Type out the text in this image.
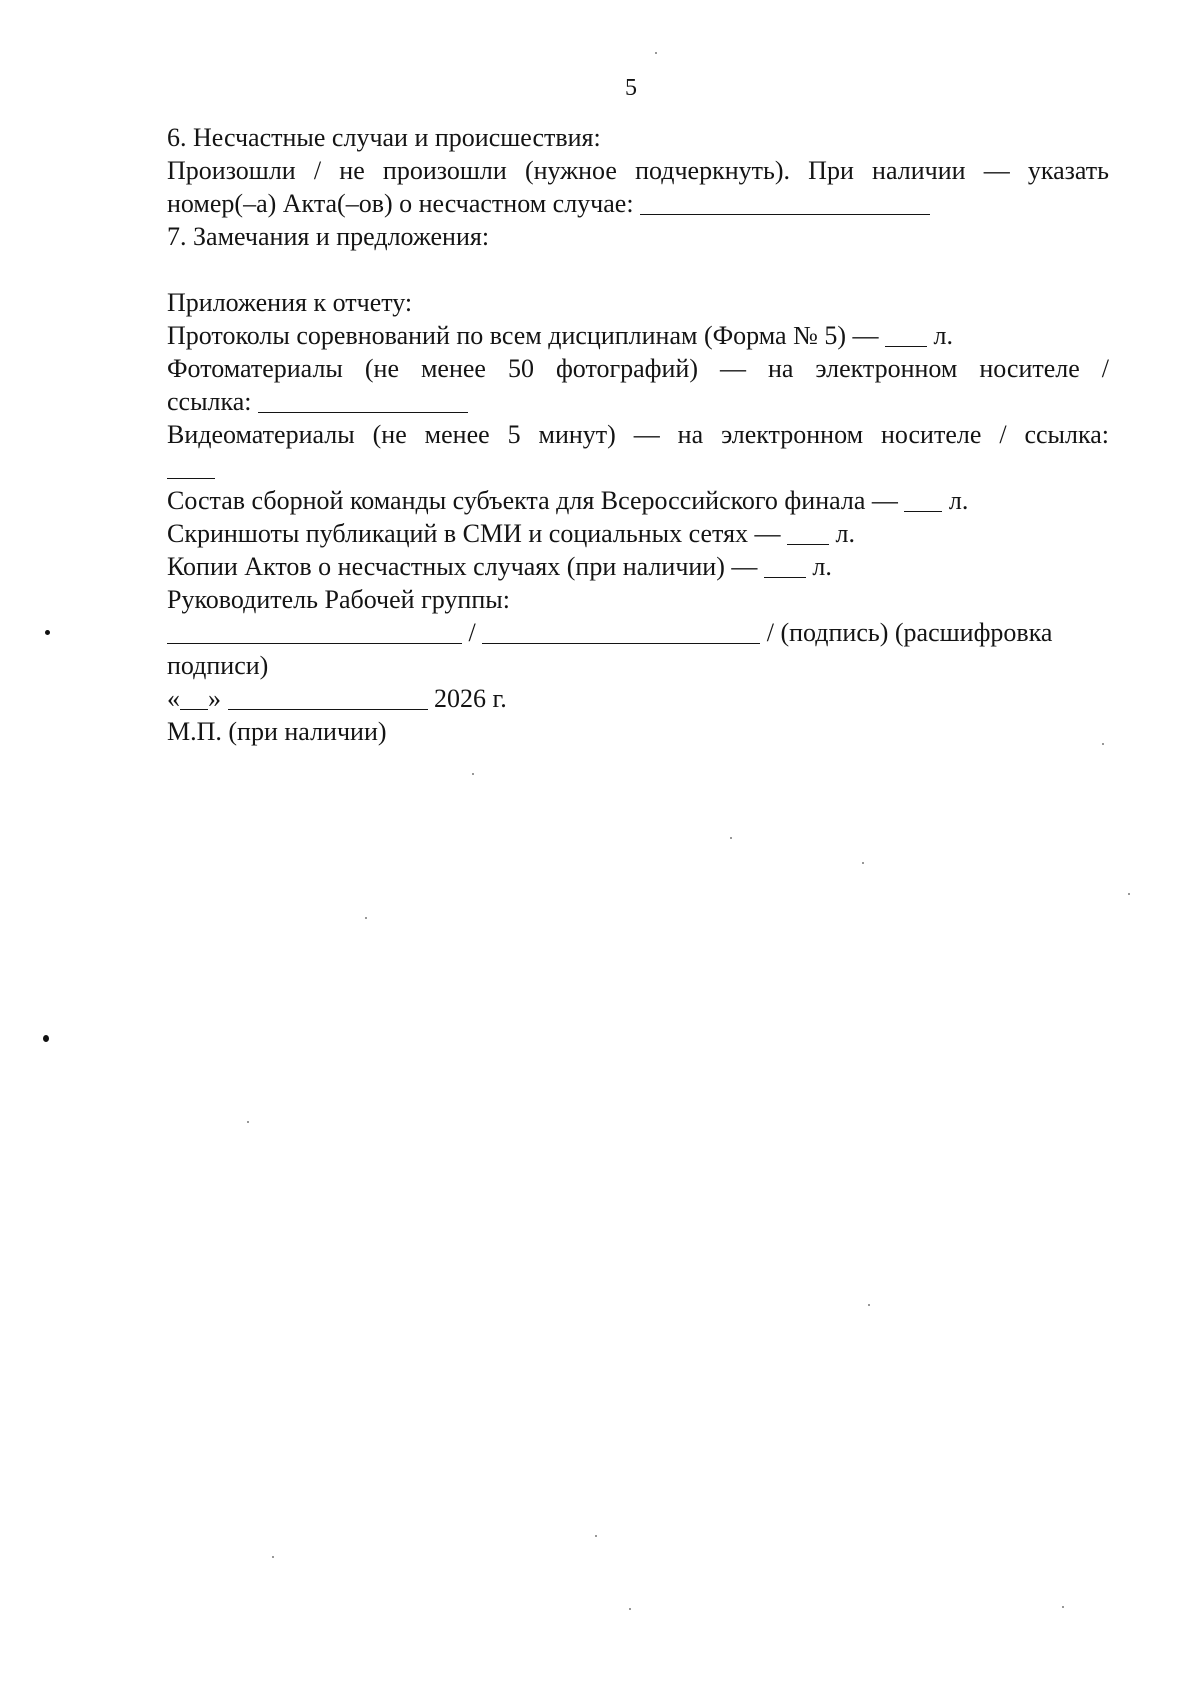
5

6. Несчастные случаи и происшествия:

Произошли / не произошли (нужное подчеркнуть). При наличии — указать

номер(–а) Акта(–ов) о несчастном случае:

7. Замечания и предложения:

Приложения к отчету:

Протоколы соревнований по всем дисциплинам (Форма № 5) — л.

Фотоматериалы (не менее 50 фотографий) — на электронном носителе /

ссылка:

Видеоматериалы (не менее 5 минут) — на электронном носителе / ссылка:

Состав сборной команды субъекта для Всероссийского финала — л.

Скриншоты публикаций в СМИ и социальных сетях — л.

Копии Актов о несчастных случаях (при наличии) — л.

Руководитель Рабочей группы:

/	/ (подпись) (расшифровка

подписи)

« »	2026 г.

М.П. (при наличии)
